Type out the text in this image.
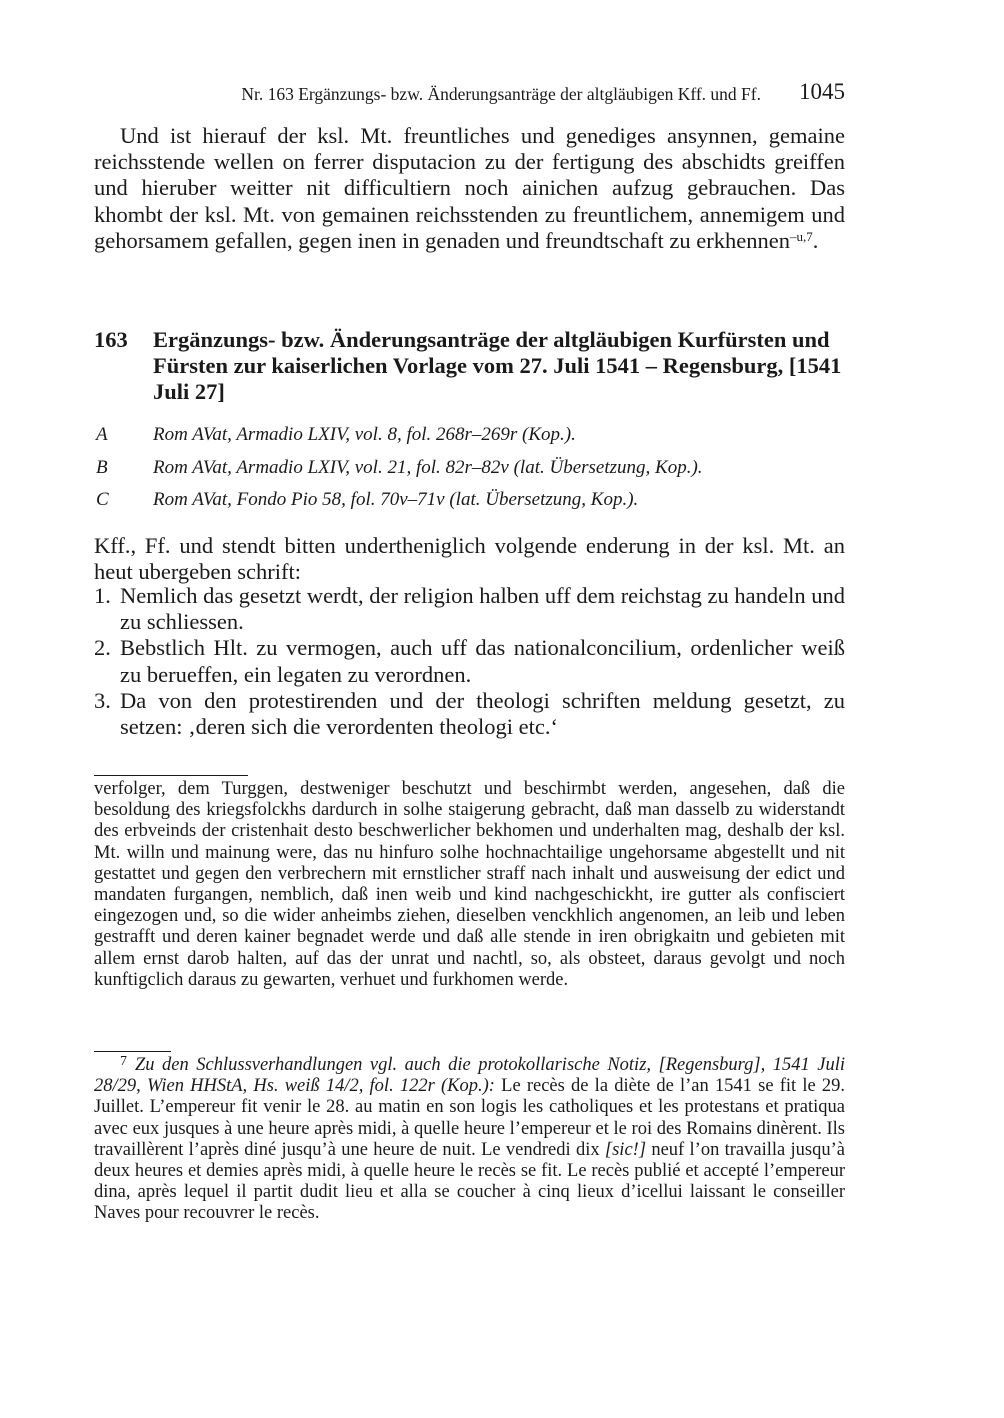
Nr. 163 Ergänzungs- bzw. Änderungsanträge der altgläubigen Kff. und Ff. 1045
Und ist hierauf der ksl. Mt. freuntliches und genediges ansynnen, gemaine reichsstende wellen on ferrer disputacion zu der fertigung des abschidts greiffen und hieruber weitter nit difficultiern noch ainichen aufzug gebrauchen. Das khombt der ksl. Mt. von gemainen reichsstenden zu freuntlichem, annemigem und gehorsamem gefallen, gegen inen in genaden und freundtschaft zu erkhennen$^{-u,7}$.
163 Ergänzungs- bzw. Änderungsanträge der altgläubigen Kurfürsten und Fürsten zur kaiserlichen Vorlage vom 27. Juli 1541 – Regensburg, [1541 Juli 27]
A Rom AVat, Armadio LXIV, vol. 8, fol. 268r–269r (Kop.).
B Rom AVat, Armadio LXIV, vol. 21, fol. 82r–82v (lat. Übersetzung, Kop.).
C Rom AVat, Fondo Pio 58, fol. 70v–71v (lat. Übersetzung, Kop.).
Kff., Ff. und stendt bitten undertheniglich volgende enderung in der ksl. Mt. an heut ubergeben schrift:
1. Nemlich das gesetzt werdt, der religion halben uff dem reichstag zu handeln und zu schliessen.
2. Bebstlich Hlt. zu vermogen, auch uff das nationalconcilium, ordenlicher weiß zu berueffen, ein legaten zu verordnen.
3. Da von den protestirenden und der theologi schriften meldung gesetzt, zu setzen: ‚deren sich die verordenten theologi etc.‘
verfolger, dem Turggen, destweniger beschutzt und beschirmbt werden, angesehen, daß die besoldung des kriegsfolckhs dardurch in solhe staigerung gebracht, daß man dasselb zu widerstandt des erbveinds der cristenhait desto beschwerlicher bekhomen und underhalten mag, deshalb der ksl. Mt. willn und mainung were, das nu hinfuro solhe hochnachtailige ungehorsame abgestellt und nit gestattet und gegen den verbrechern mit ernstlicher straff nach inhalt und ausweisung der edict und mandaten furgangen, nemblich, daß inen weib und kind nachgeschickht, ire gutter als confisciert eingezogen und, so die wider anheimbs ziehen, dieselben venckhlich angenomen, an leib und leben gestrafft und deren kainer begnadet werde und daß alle stende in iren obrigkaitn und gebieten mit allem ernst darob halten, auf das der unrat und nachtl, so, als obsteet, daraus gevolgt und noch kunftigclich daraus zu gewarten, verhuet und furkhomen werde.
$^7$ Zu den Schlussverhandlungen vgl. auch die protokollarische Notiz, [Regensburg], 1541 Juli 28/29, Wien HHStA, Hs. weiß 14/2, fol. 122r (Kop.): Le recès de la diète de l’an 1541 se fit le 29. Juillet. L’empereur fit venir le 28. au matin en son logis les catholiques et les protestans et pratiqua avec eux jusques à une heure après midi, à quelle heure l’empereur et le roi des Romains dinèrent. Ils travaillèrent l’après diné jusqu’à une heure de nuit. Le vendredi dix [sic!] neuf l’on travailla jusqu’à deux heures et demies après midi, à quelle heure le recès se fit. Le recès publié et accepté l’empereur dina, après lequel il partit dudit lieu et alla se coucher à cinq lieux d’icellui laissant le conseiller Naves pour recouvrer le recès.
